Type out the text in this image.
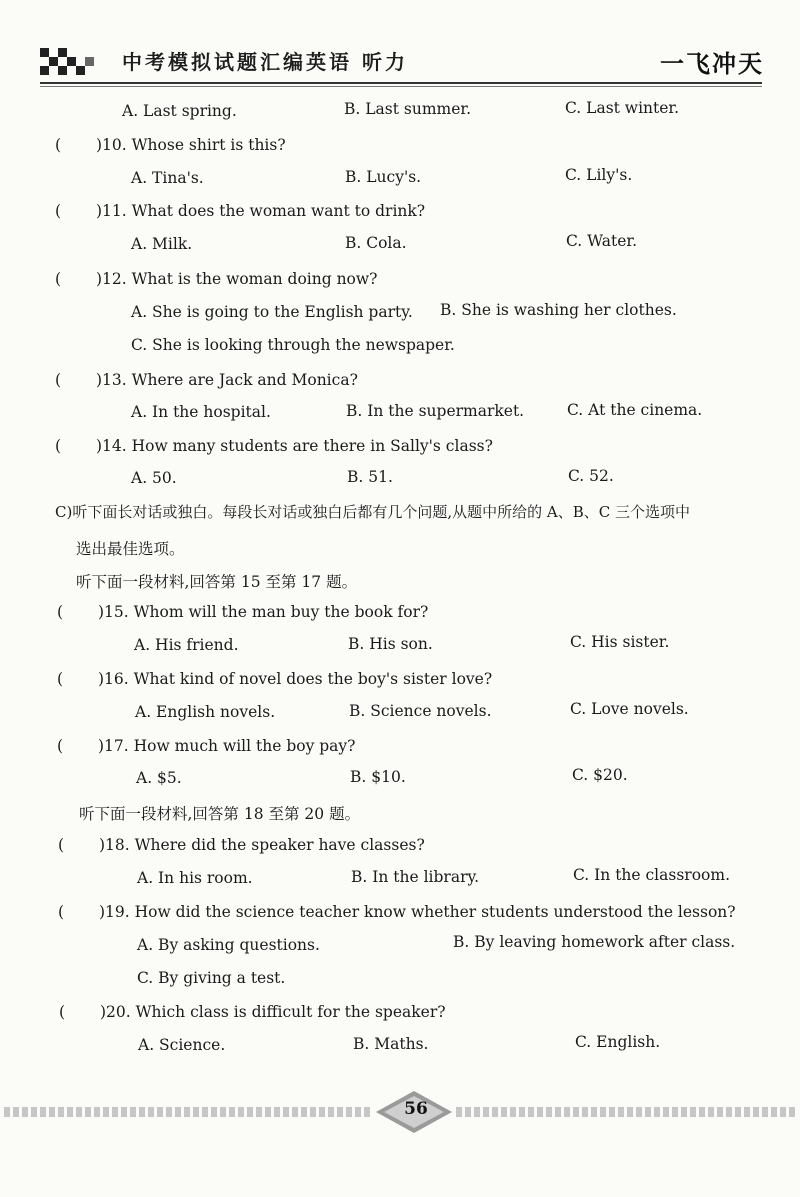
中考模拟试题汇编英语 听力	一飞冲天
A. Last spring.	B. Last summer.	C. Last winter.
( )10. Whose shirt is this?
A. Tina's.	B. Lucy's.	C. Lily's.
( )11. What does the woman want to drink?
A. Milk.	B. Cola.	C. Water.
( )12. What is the woman doing now?
A. She is going to the English party. B. She is washing her clothes.
C. She is looking through the newspaper.
( )13. Where are Jack and Monica?
A. In the hospital.	B. In the supermarket.	C. At the cinema.
( )14. How many students are there in Sally's class?
A. 50.	B. 51.	C. 52.
C)听下面长对话或独白。每段长对话或独白后都有几个问题,从题中所给的 A、B、C 三个选项中
选出最佳选项。
听下面一段材料,回答第 15 至第 17 题。
( )15. Whom will the man buy the book for?
A. His friend.	B. His son.	C. His sister.
( )16. What kind of novel does the boy's sister love?
A. English novels.	B. Science novels.	C. Love novels.
( )17. How much will the boy pay?
A. $5.	B. $10.	C. $20.
听下面一段材料,回答第 18 至第 20 题。
( )18. Where did the speaker have classes?
A. In his room.	B. In the library.	C. In the classroom.
( )19. How did the science teacher know whether students understood the lesson?
A. By asking questions.	B. By leaving homework after class.
C. By giving a test.
( )20. Which class is difficult for the speaker?
A. Science.	B. Maths.	C. English.
56
